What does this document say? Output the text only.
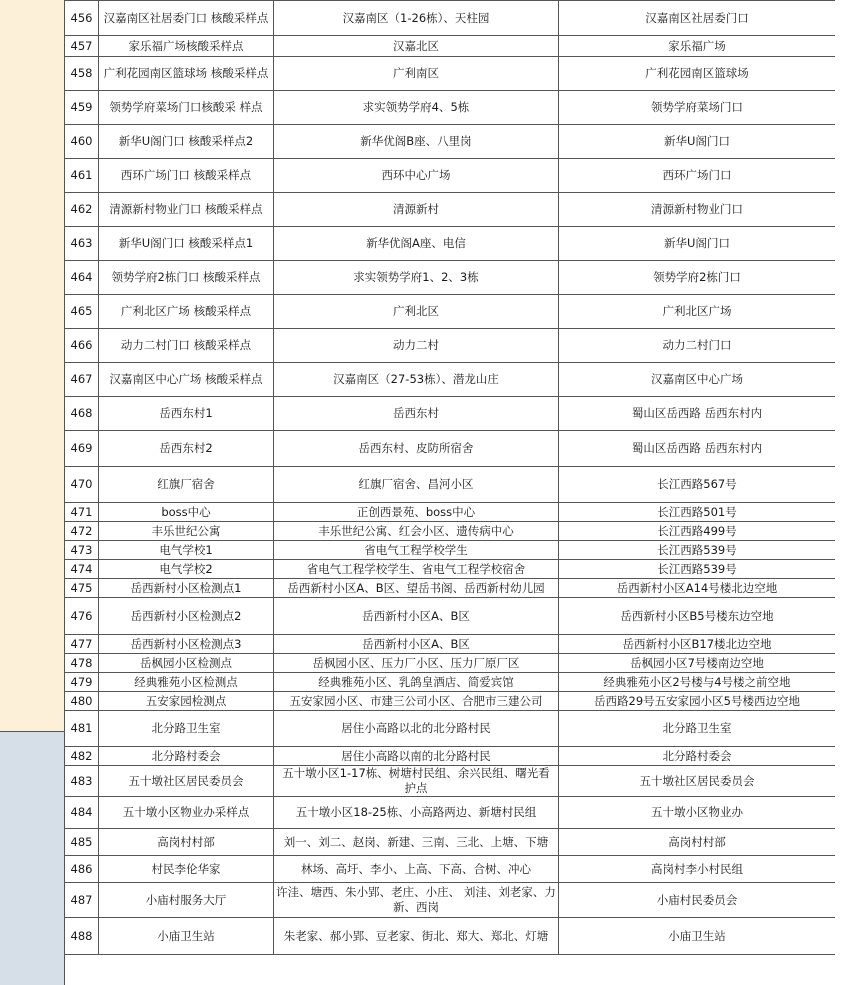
456	汉嘉南区社居委门口 核酸采样点	汉嘉南区（1-26栋）、天柱园	汉嘉南区社居委门口
457	家乐福广场核酸采样点	汉嘉北区	家乐福广场
458	广利花园南区篮球场 核酸采样点	广利南区	广利花园南区篮球场
459	领势学府菜场门口核酸采 样点	求实领势学府4、5栋	领势学府菜场门口
460	新华U阁门口 核酸采样点2	新华优阁B座、八里岗	新华U阁门口
461	西环广场门口 核酸采样点	西环中心广场	西环广场门口
462	清源新村物业门口 核酸采样点	清源新村	清源新村物业门口
463	新华U阁门口 核酸采样点1	新华优阁A座、电信	新华U阁门口
464	领势学府2栋门口 核酸采样点	求实领势学府1、2、3栋	领势学府2栋门口
465	广利北区广场 核酸采样点	广利北区	广利北区广场
466	动力二村门口 核酸采样点	动力二村	动力二村门口
467	汉嘉南区中心广场 核酸采样点	汉嘉南区（27-53栋）、潜龙山庄	汉嘉南区中心广场
468	岳西东村1	岳西东村	蜀山区岳西路 岳西东村内
469	岳西东村2	岳西东村、皮防所宿舍	蜀山区岳西路 岳西东村内
470	红旗厂宿舍	红旗厂宿舍、昌河小区	长江西路567号
471	boss中心	正创西景苑、boss中心	长江西路501号
472	丰乐世纪公寓	丰乐世纪公寓、红会小区、遗传病中心	长江西路499号
473	电气学校1	省电气工程学校学生	长江西路539号
474	电气学校2	省电气工程学校学生、省电气工程学校宿舍	长江西路539号
475	岳西新村小区检测点1	岳西新村小区A、B区、望岳书阁、岳西新村幼儿园	岳西新村小区A14号楼北边空地
476	岳西新村小区检测点2	岳西新村小区A、B区	岳西新村小区B5号楼东边空地
477	岳西新村小区检测点3	岳西新村小区A、B区	岳西新村小区B17楼北边空地
478	岳枫园小区检测点	岳枫园小区、压力厂小区、压力厂原厂区	岳枫园小区7号楼南边空地
479	经典雅苑小区检测点	经典雅苑小区、乳鸽皇酒店、简爱宾馆	经典雅苑小区2号楼与4号楼之前空地
480	五安家园检测点	五安家园小区、市建三公司小区、合肥市三建公司	岳西路29号五安家园小区5号楼西边空地
481	北分路卫生室	居住小高路以北的北分路村民	北分路卫生室
482	北分路村委会	居住小高路以南的北分路村民	北分路村委会
483	五十墩社区居民委员会	五十墩小区1-17栋、树塘村民组、余兴民组、曙光看 护点	五十墩社区居民委员会
484	五十墩小区物业办采样点	五十墩小区18-25栋、小高路两边、新塘村民组	五十墩小区物业办
485	高岗村村部	刘一、刘二、赵岗、新建、三南、三北、上塘、下塘	高岗村村部
486	村民李伦华家	林场、高圩、李小、上高、下高、合树、冲心	高岗村李小村民组
487	小庙村服务大厅	许洼、塘西、朱小郢、老庄、小庄、 刘洼、刘老家、力新、西岗	小庙村民委员会
488	小庙卫生站	朱老家、郝小郢、豆老家、街北、郑大、郑北、灯塘	小庙卫生站
